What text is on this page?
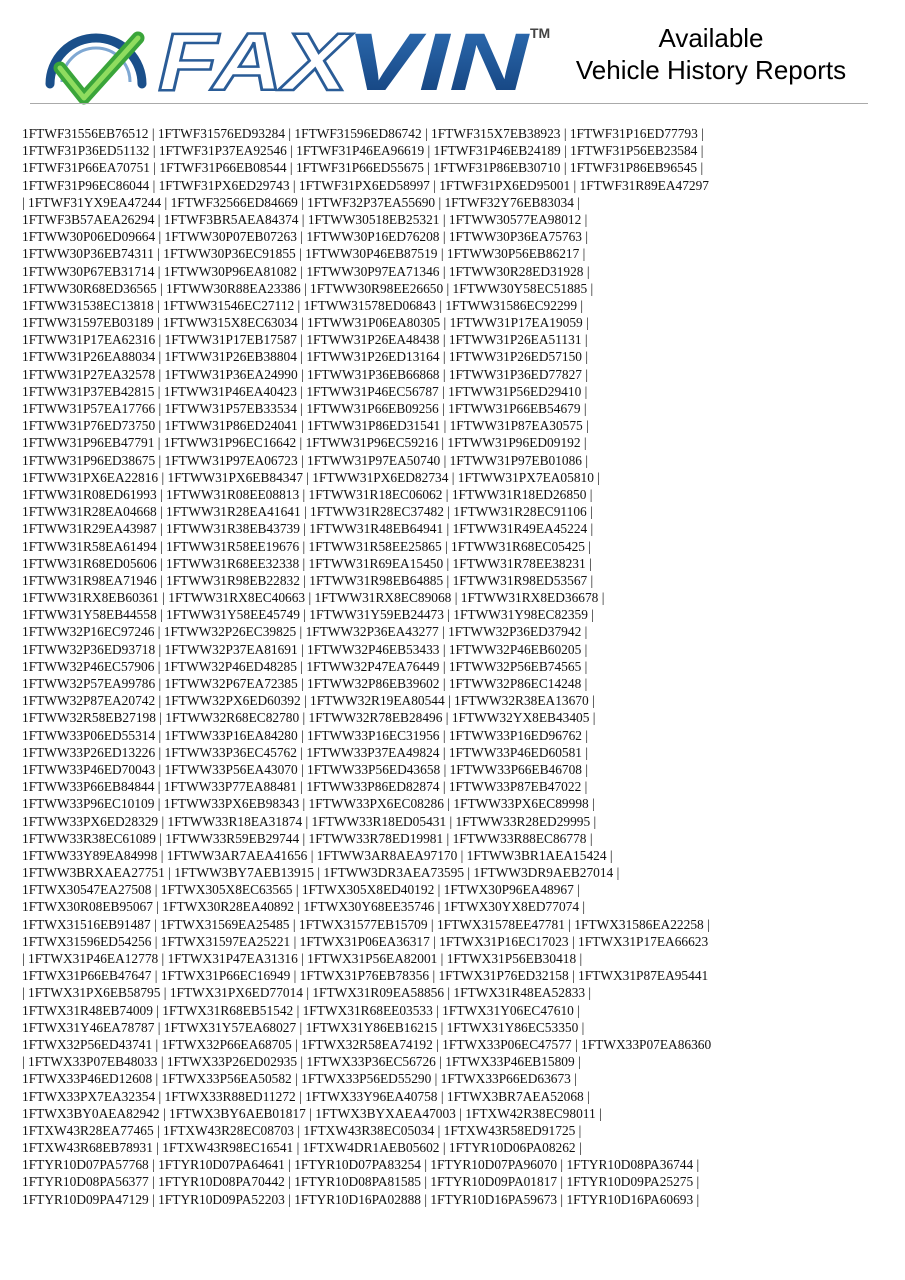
FAX
VIN TM	Available
Vehicle History Reports
1FTWF31556EB76512 | 1FTWF31576ED93284 | 1FTWF31596ED86742 | 1FTWF315X7EB38923 | 1FTWF31P16ED77793 |
1FTWF31P36ED51132 | 1FTWF31P37EA92546 | 1FTWF31P46EA96619 | 1FTWF31P46EB24189 | 1FTWF31P56EB23584 |
1FTWF31P66EA70751 | 1FTWF31P66EB08544 | 1FTWF31P66ED55675 | 1FTWF31P86EB30710 | 1FTWF31P86EB96545 |
1FTWF31P96EC86044 | 1FTWF31PX6ED29743 | 1FTWF31PX6ED58997 | 1FTWF31PX6ED95001 | 1FTWF31R89EA47297
| 1FTWF31YX9EA47244 | 1FTWF32566ED84669 | 1FTWF32P37EA55690 | 1FTWF32Y76EB83034 |
1FTWF3B57AEA26294 | 1FTWF3BR5AEA84374 | 1FTWW30518EB25321 | 1FTWW30577EA98012 |
1FTWW30P06ED09664 | 1FTWW30P07EB07263 | 1FTWW30P16ED76208 | 1FTWW30P36EA75763 |
1FTWW30P36EB74311 | 1FTWW30P36EC91855 | 1FTWW30P46EB87519 | 1FTWW30P56EB86217 |
1FTWW30P67EB31714 | 1FTWW30P96EA81082 | 1FTWW30P97EA71346 | 1FTWW30R28ED31928 |
1FTWW30R68ED36565 | 1FTWW30R88EA23386 | 1FTWW30R98EE26650 | 1FTWW30Y58EC51885 |
1FTWW31538EC13818 | 1FTWW31546EC27112 | 1FTWW31578ED06843 | 1FTWW31586EC92299 |
1FTWW31597EB03189 | 1FTWW315X8EC63034 | 1FTWW31P06EA80305 | 1FTWW31P17EA19059 |
1FTWW31P17EA62316 | 1FTWW31P17EB17587 | 1FTWW31P26EA48438 | 1FTWW31P26EA51131 |
1FTWW31P26EA88034 | 1FTWW31P26EB38804 | 1FTWW31P26ED13164 | 1FTWW31P26ED57150 |
1FTWW31P27EA32578 | 1FTWW31P36EA24990 | 1FTWW31P36EB66868 | 1FTWW31P36ED77827 |
1FTWW31P37EB42815 | 1FTWW31P46EA40423 | 1FTWW31P46EC56787 | 1FTWW31P56ED29410 |
1FTWW31P57EA17766 | 1FTWW31P57EB33534 | 1FTWW31P66EB09256 | 1FTWW31P66EB54679 |
1FTWW31P76ED73750 | 1FTWW31P86ED24041 | 1FTWW31P86ED31541 | 1FTWW31P87EA30575 |
1FTWW31P96EB47791 | 1FTWW31P96EC16642 | 1FTWW31P96EC59216 | 1FTWW31P96ED09192 |
1FTWW31P96ED38675 | 1FTWW31P97EA06723 | 1FTWW31P97EA50740 | 1FTWW31P97EB01086 |
1FTWW31PX6EA22816 | 1FTWW31PX6EB84347 | 1FTWW31PX6ED82734 | 1FTWW31PX7EA05810 |
1FTWW31R08ED61993 | 1FTWW31R08EE08813 | 1FTWW31R18EC06062 | 1FTWW31R18ED26850 |
1FTWW31R28EA04668 | 1FTWW31R28EA41641 | 1FTWW31R28EC37482 | 1FTWW31R28EC91106 |
1FTWW31R29EA43987 | 1FTWW31R38EB43739 | 1FTWW31R48EB64941 | 1FTWW31R49EA45224 |
1FTWW31R58EA61494 | 1FTWW31R58EE19676 | 1FTWW31R58EE25865 | 1FTWW31R68EC05425 |
1FTWW31R68ED05606 | 1FTWW31R68EE32338 | 1FTWW31R69EA15450 | 1FTWW31R78EE38231 |
1FTWW31R98EA71946 | 1FTWW31R98EB22832 | 1FTWW31R98EB64885 | 1FTWW31R98ED53567 |
1FTWW31RX8EB60361 | 1FTWW31RX8EC40663 | 1FTWW31RX8EC89068 | 1FTWW31RX8ED36678 |
1FTWW31Y58EB44558 | 1FTWW31Y58EE45749 | 1FTWW31Y59EB24473 | 1FTWW31Y98EC82359 |
1FTWW32P16EC97246 | 1FTWW32P26EC39825 | 1FTWW32P36EA43277 | 1FTWW32P36ED37942 |
1FTWW32P36ED93718 | 1FTWW32P37EA81691 | 1FTWW32P46EB53433 | 1FTWW32P46EB60205 |
1FTWW32P46EC57906 | 1FTWW32P46ED48285 | 1FTWW32P47EA76449 | 1FTWW32P56EB74565 |
1FTWW32P57EA99786 | 1FTWW32P67EA72385 | 1FTWW32P86EB39602 | 1FTWW32P86EC14248 |
1FTWW32P87EA20742 | 1FTWW32PX6ED60392 | 1FTWW32R19EA80544 | 1FTWW32R38EA13670 |
1FTWW32R58EB27198 | 1FTWW32R68EC82780 | 1FTWW32R78EB28496 | 1FTWW32YX8EB43405 |
1FTWW33P06ED55314 | 1FTWW33P16EA84280 | 1FTWW33P16EC31956 | 1FTWW33P16ED96762 |
1FTWW33P26ED13226 | 1FTWW33P36EC45762 | 1FTWW33P37EA49824 | 1FTWW33P46ED60581 |
1FTWW33P46ED70043 | 1FTWW33P56EA43070 | 1FTWW33P56ED43658 | 1FTWW33P66EB46708 |
1FTWW33P66EB84844 | 1FTWW33P77EA88481 | 1FTWW33P86ED82874 | 1FTWW33P87EB47022 |
1FTWW33P96EC10109 | 1FTWW33PX6EB98343 | 1FTWW33PX6EC08286 | 1FTWW33PX6EC89998 |
1FTWW33PX6ED28329 | 1FTWW33R18EA31874 | 1FTWW33R18ED05431 | 1FTWW33R28ED29995 |
1FTWW33R38EC61089 | 1FTWW33R59EB29744 | 1FTWW33R78ED19981 | 1FTWW33R88EC86778 |
1FTWW33Y89EA84998 | 1FTWW3AR7AEA41656 | 1FTWW3AR8AEA97170 | 1FTWW3BR1AEA15424 |
1FTWW3BRXAEA27751 | 1FTWW3BY7AEB13915 | 1FTWW3DR3AEA73595 | 1FTWW3DR9AEB27014 |
1FTWX30547EA27508 | 1FTWX305X8EC63565 | 1FTWX305X8ED40192 | 1FTWX30P96EA48967 |
1FTWX30R08EB95067 | 1FTWX30R28EA40892 | 1FTWX30Y68EE35746 | 1FTWX30YX8ED77074 |
1FTWX31516EB91487 | 1FTWX31569EA25485 | 1FTWX31577EB15709 | 1FTWX31578EE47781 | 1FTWX31586EA22258 |
1FTWX31596ED54256 | 1FTWX31597EA25221 | 1FTWX31P06EA36317 | 1FTWX31P16EC17023 | 1FTWX31P17EA66623
| 1FTWX31P46EA12778 | 1FTWX31P47EA31316 | 1FTWX31P56EA82001 | 1FTWX31P56EB30418 |
1FTWX31P66EB47647 | 1FTWX31P66EC16949 | 1FTWX31P76EB78356 | 1FTWX31P76ED32158 | 1FTWX31P87EA95441
| 1FTWX31PX6EB58795 | 1FTWX31PX6ED77014 | 1FTWX31R09EA58856 | 1FTWX31R48EA52833 |
1FTWX31R48EB74009 | 1FTWX31R68EB51542 | 1FTWX31R68EE03533 | 1FTWX31Y06EC47610 |
1FTWX31Y46EA78787 | 1FTWX31Y57EA68027 | 1FTWX31Y86EB16215 | 1FTWX31Y86EC53350 |
1FTWX32P56ED43741 | 1FTWX32P66EA68705 | 1FTWX32R58EA74192 | 1FTWX33P06EC47577 | 1FTWX33P07EA86360
| 1FTWX33P07EB48033 | 1FTWX33P26ED02935 | 1FTWX33P36EC56726 | 1FTWX33P46EB15809 |
1FTWX33P46ED12608 | 1FTWX33P56EA50582 | 1FTWX33P56ED55290 | 1FTWX33P66ED63673 |
1FTWX33PX7EA32354 | 1FTWX33R88ED11272 | 1FTWX33Y96EA40758 | 1FTWX3BR7AEA52068 |
1FTWX3BY0AEA82942 | 1FTWX3BY6AEB01817 | 1FTWX3BYXAEA47003 | 1FTXW42R38EC98011 |
1FTXW43R28EA77465 | 1FTXW43R28EC08703 | 1FTXW43R38EC05034 | 1FTXW43R58ED91725 |
1FTXW43R68EB78931 | 1FTXW43R98EC16541 | 1FTXW4DR1AEB05602 | 1FTYR10D06PA08262 |
1FTYR10D07PA57768 | 1FTYR10D07PA64641 | 1FTYR10D07PA83254 | 1FTYR10D07PA96070 | 1FTYR10D08PA36744 |
1FTYR10D08PA56377 | 1FTYR10D08PA70442 | 1FTYR10D08PA81585 | 1FTYR10D09PA01817 | 1FTYR10D09PA25275 |
1FTYR10D09PA47129 | 1FTYR10D09PA52203 | 1FTYR10D16PA02888 | 1FTYR10D16PA59673 | 1FTYR10D16PA60693 |
